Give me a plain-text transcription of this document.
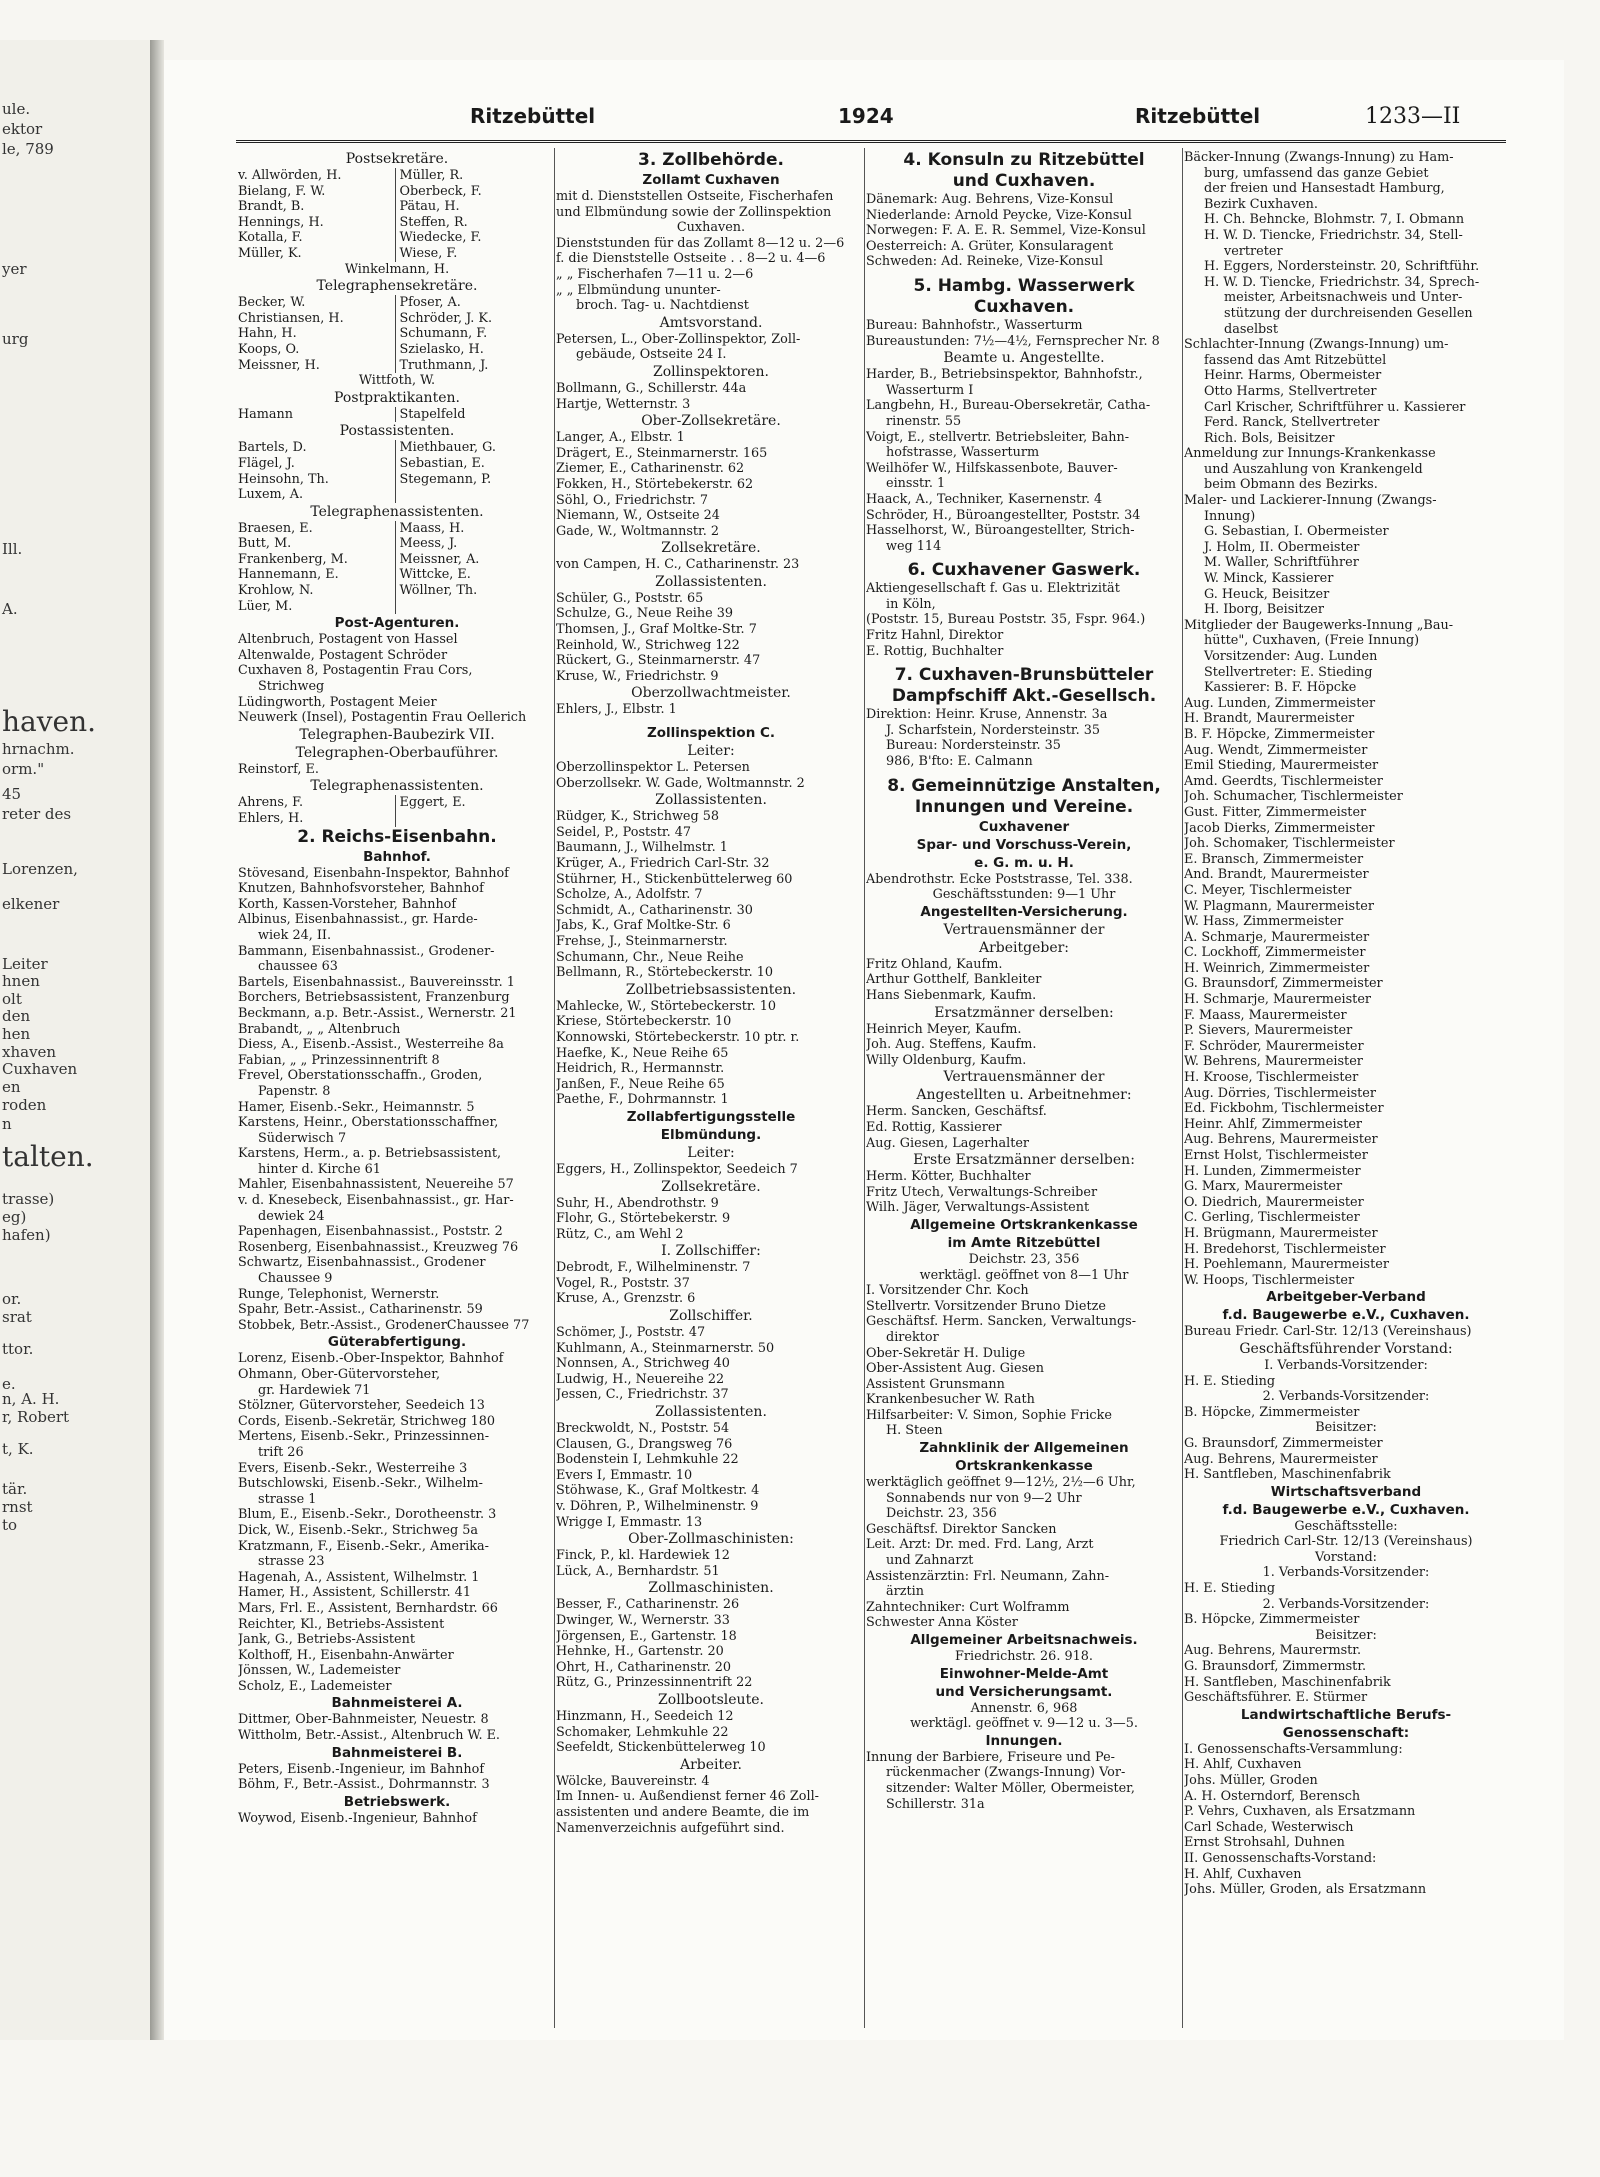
ule.
ektor
le, 789
yer
urg
Ill.
A.
haven.
hrnachm.
orm."
45
reter des
Lorenzen,
elkener
Leiter
hnen
olt
den
hen
xhaven
Cuxhaven
en
roden
n
talten.
trasse)
eg)
hafen)
or.
srat
ttor.
e.
n, A. H.
r, Robert
t, K.
tär.
rnst
to
Ritzebüttel	1924	Ritzebüttel	1233—II
Postsekretäre.
v. Allwörden, H.	Müller, R.
Bielang, F. W.	Oberbeck, F.
Brandt, B.	Pätau, H.
Hennings, H.	Steffen, R.
Kotalla, F.	Wiedecke, F.
Müller, K.	Wiese, F.
Winkelmann, H.
Telegraphensekretäre.
Becker, W.	Pfoser, A.
Christiansen, H.	Schröder, J. K.
Hahn, H.	Schumann, F.
Koops, O.	Szielasko, H.
Meissner, H.	Truthmann, J.
Wittfoth, W.
Postpraktikanten.
Hamann	Stapelfeld
Postassistenten.
Bartels, D.	Miethbauer, G.
Flägel, J.	Sebastian, E.
Heinsohn, Th.	Stegemann, P.
Luxem, A.
Telegraphenassistenten.
Braesen, E.	Maass, H.
Butt, M.	Meess, J.
Frankenberg, M.	Meissner, A.
Hannemann, E.	Wittcke, E.
Krohlow, N.	Wöllner, Th.
Lüer, M.
Post-Agenturen.
Altenbruch, Postagent von Hassel
Altenwalde, Postagent Schröder
Cuxhaven 8, Postagentin Frau Cors,
Strichweg
Lüdingworth, Postagent Meier
Neuwerk (Insel), Postagentin Frau Oellerich
Telegraphen-Baubezirk VII.
Telegraphen-Oberbauführer.
Reinstorf, E.
Telegraphenassistenten.
Ahrens, F.	Eggert, E.
Ehlers, H.
2. Reichs-Eisenbahn.
Bahnhof.
Stövesand, Eisenbahn-Inspektor, Bahnhof
Knutzen, Bahnhofsvorsteher, Bahnhof
Korth, Kassen-Vorsteher, Bahnhof
Albinus, Eisenbahnassist., gr. Harde-
wiek 24, II.
Bammann, Eisenbahnassist., Grodener-
chaussee 63
Bartels, Eisenbahnassist., Bauvereinsstr. 1
Borchers, Betriebsassistent, Franzenburg
Beckmann, a.p. Betr.-Assist., Wernerstr. 21
Brabandt, „ „ Altenbruch
Diess, A., Eisenb.-Assist., Westerreihe 8a
Fabian, „ „ Prinzessinnentrift 8
Frevel, Oberstationsschaffn., Groden,
Papenstr. 8
Hamer, Eisenb.-Sekr., Heimannstr. 5
Karstens, Heinr., Oberstationsschaffner,
Süderwisch 7
Karstens, Herm., a. p. Betriebsassistent,
hinter d. Kirche 61
Mahler, Eisenbahnassistent, Neuereihe 57
v. d. Knesebeck, Eisenbahnassist., gr. Har-
dewiek 24
Papenhagen, Eisenbahnassist., Poststr. 2
Rosenberg, Eisenbahnassist., Kreuzweg 76
Schwartz, Eisenbahnassist., Grodener
Chaussee 9
Runge, Telephonist, Wernerstr.
Spahr, Betr.-Assist., Catharinenstr. 59
Stobbek, Betr.-Assist., GrodenerChaussee 77
Güterabfertigung.
Lorenz, Eisenb.-Ober-Inspektor, Bahnhof
Ohmann, Ober-Gütervorsteher,
gr. Hardewiek 71
Stölzner, Gütervorsteher, Seedeich 13
Cords, Eisenb.-Sekretär, Strichweg 180
Mertens, Eisenb.-Sekr., Prinzessinnen-
trift 26
Evers, Eisenb.-Sekr., Westerreihe 3
Butschlowski, Eisenb.-Sekr., Wilhelm-
strasse 1
Blum, E., Eisenb.-Sekr., Dorotheenstr. 3
Dick, W., Eisenb.-Sekr., Strichweg 5a
Kratzmann, F., Eisenb.-Sekr., Amerika-
strasse 23
Hagenah, A., Assistent, Wilhelmstr. 1
Hamer, H., Assistent, Schillerstr. 41
Mars, Frl. E., Assistent, Bernhardstr. 66
Reichter, Kl., Betriebs-Assistent
Jank, G., Betriebs-Assistent
Kolthoff, H., Eisenbahn-Anwärter
Jönssen, W., Lademeister
Scholz, E., Lademeister
Bahnmeisterei A.
Dittmer, Ober-Bahnmeister, Neuestr. 8
Wittholm, Betr.-Assist., Altenbruch W. E.
Bahnmeisterei B.
Peters, Eisenb.-Ingenieur, im Bahnhof
Böhm, F., Betr.-Assist., Dohrmannstr. 3
Betriebswerk.
Woywod, Eisenb.-Ingenieur, Bahnhof
3. Zollbehörde.
Zollamt Cuxhaven
mit d. Dienststellen Ostseite, Fischerhafen
und Elbmündung sowie der Zollinspektion
Cuxhaven.
Dienststunden für das Zollamt 8—12 u. 2—6
f. die Dienststelle Ostseite . . 8—2 u. 4—6
„ „ Fischerhafen 7—11 u. 2—6
„ „ Elbmündung ununter-
broch. Tag- u. Nachtdienst
Amtsvorstand.
Petersen, L., Ober-Zollinspektor, Zoll-
gebäude, Ostseite 24 I.
Zollinspektoren.
Bollmann, G., Schillerstr. 44a
Hartje, Wetternstr. 3
Ober-Zollsekretäre.
Langer, A., Elbstr. 1
Drägert, E., Steinmarnerstr. 165
Ziemer, E., Catharinenstr. 62
Fokken, H., Störtebekerstr. 62
Söhl, O., Friedrichstr. 7
Niemann, W., Ostseite 24
Gade, W., Woltmannstr. 2
Zollsekretäre.
von Campen, H. C., Catharinenstr. 23
Zollassistenten.
Schüler, G., Poststr. 65
Schulze, G., Neue Reihe 39
Thomsen, J., Graf Moltke-Str. 7
Reinhold, W., Strichweg 122
Rückert, G., Steinmarnerstr. 47
Kruse, W., Friedrichstr. 9
Oberzollwachtmeister.
Ehlers, J., Elbstr. 1
Zollinspektion C.
Leiter:
Oberzollinspektor L. Petersen
Oberzollsekr. W. Gade, Woltmannstr. 2
Zollassistenten.
Rüdger, K., Strichweg 58
Seidel, P., Poststr. 47
Baumann, J., Wilhelmstr. 1
Krüger, A., Friedrich Carl-Str. 32
Stührner, H., Stickenbüttelerweg 60
Scholze, A., Adolfstr. 7
Schmidt, A., Catharinenstr. 30
Jabs, K., Graf Moltke-Str. 6
Frehse, J., Steinmarnerstr.
Schumann, Chr., Neue Reihe
Bellmann, R., Störtebeckerstr. 10
Zollbetriebsassistenten.
Mahlecke, W., Störtebeckerstr. 10
Kriese, Störtebeckerstr. 10
Konnowski, Störtebeckerstr. 10 ptr. r.
Haefke, K., Neue Reihe 65
Heidrich, R., Hermannstr.
Janßen, F., Neue Reihe 65
Paethe, F., Dohrmannstr. 1
Zollabfertigungsstelle
Elbmündung.
Leiter:
Eggers, H., Zollinspektor, Seedeich 7
Zollsekretäre.
Suhr, H., Abendrothstr. 9
Flohr, G., Störtebekerstr. 9
Rütz, C., am Wehl 2
I. Zollschiffer:
Debrodt, F., Wilhelminenstr. 7
Vogel, R., Poststr. 37
Kruse, A., Grenzstr. 6
Zollschiffer.
Schömer, J., Poststr. 47
Kuhlmann, A., Steinmarnerstr. 50
Nonnsen, A., Strichweg 40
Ludwig, H., Neuereihe 22
Jessen, C., Friedrichstr. 37
Zollassistenten.
Breckwoldt, N., Poststr. 54
Clausen, G., Drangsweg 76
Bodenstein I, Lehmkuhle 22
Evers I, Emmastr. 10
Stöhwase, K., Graf Moltkestr. 4
v. Döhren, P., Wilhelminenstr. 9
Wrigge I, Emmastr. 13
Ober-Zollmaschinisten:
Finck, P., kl. Hardewiek 12
Lück, A., Bernhardstr. 51
Zollmaschinisten.
Besser, F., Catharinenstr. 26
Dwinger, W., Wernerstr. 33
Jörgensen, E., Gartenstr. 18
Hehnke, H., Gartenstr. 20
Ohrt, H., Catharinenstr. 20
Rütz, G., Prinzessinnentrift 22
Zollbootsleute.
Hinzmann, H., Seedeich 12
Schomaker, Lehmkuhle 22
Seefeldt, Stickenbüttelerweg 10
Arbeiter.
Wölcke, Bauvereinstr. 4
Im Innen- u. Außendienst ferner 46 Zoll-
assistenten und andere Beamte, die im
Namenverzeichnis aufgeführt sind.
4. Konsuln zu Ritzebüttel
und Cuxhaven.
Dänemark: Aug. Behrens, Vize-Konsul
Niederlande: Arnold Peycke, Vize-Konsul
Norwegen: F. A. E. R. Semmel, Vize-Konsul
Oesterreich: A. Grüter, Konsularagent
Schweden: Ad. Reineke, Vize-Konsul
5. Hambg. Wasserwerk
Cuxhaven.
Bureau: Bahnhofstr., Wasserturm
Bureaustunden: 7½—4½, Fernsprecher Nr. 8
Beamte u. Angestellte.
Harder, B., Betriebsinspektor, Bahnhofstr.,
Wasserturm I
Langbehn, H., Bureau-Obersekretär, Catha-
rinenstr. 55
Voigt, E., stellvertr. Betriebsleiter, Bahn-
hofstrasse, Wasserturm
Weilhöfer W., Hilfskassenbote, Bauver-
einsstr. 1
Haack, A., Techniker, Kasernenstr. 4
Schröder, H., Büroangestellter, Poststr. 34
Hasselhorst, W., Büroangestellter, Strich-
weg 114
6. Cuxhavener Gaswerk.
Aktiengesellschaft f. Gas u. Elektrizität
in Köln,
(Poststr. 15, Bureau Poststr. 35, Fspr. 964.)
Fritz Hahnl, Direktor
E. Rottig, Buchhalter
7. Cuxhaven-Brunsbütteler
Dampfschiff Akt.-Gesellsch.
Direktion: Heinr. Kruse, Annenstr. 3a
J. Scharfstein, Nordersteinstr. 35
Bureau: Nordersteinstr. 35
986, B'fto: E. Calmann
8. Gemeinnützige Anstalten,
Innungen und Vereine.
Cuxhavener
Spar- und Vorschuss-Verein,
e. G. m. u. H.
Abendrothstr. Ecke Poststrasse, Tel. 338.
Geschäftsstunden: 9—1 Uhr
Angestellten-Versicherung.
Vertrauensmänner der
Arbeitgeber:
Fritz Ohland, Kaufm.
Arthur Gotthelf, Bankleiter
Hans Siebenmark, Kaufm.
Ersatzmänner derselben:
Heinrich Meyer, Kaufm.
Joh. Aug. Steffens, Kaufm.
Willy Oldenburg, Kaufm.
Vertrauensmänner der
Angestellten u. Arbeitnehmer:
Herm. Sancken, Geschäftsf.
Ed. Rottig, Kassierer
Aug. Giesen, Lagerhalter
Erste Ersatzmänner derselben:
Herm. Kötter, Buchhalter
Fritz Utech, Verwaltungs-Schreiber
Wilh. Jäger, Verwaltungs-Assistent
Allgemeine Ortskrankenkasse
im Amte Ritzebüttel
Deichstr. 23, 356
werktägl. geöffnet von 8—1 Uhr
I. Vorsitzender Chr. Koch
Stellvertr. Vorsitzender Bruno Dietze
Geschäftsf. Herm. Sancken, Verwaltungs-
direktor
Ober-Sekretär H. Dulige
Ober-Assistent Aug. Giesen
Assistent Grunsmann
Krankenbesucher W. Rath
Hilfsarbeiter: V. Simon, Sophie Fricke
H. Steen
Zahnklinik der Allgemeinen
Ortskrankenkasse
werktäglich geöffnet 9—12½, 2½—6 Uhr,
Sonnabends nur von 9—2 Uhr
Deichstr. 23, 356
Geschäftsf. Direktor Sancken
Leit. Arzt: Dr. med. Frd. Lang, Arzt
und Zahnarzt
Assistenzärztin: Frl. Neumann, Zahn-
ärztin
Zahntechniker: Curt Wolframm
Schwester Anna Köster
Allgemeiner Arbeitsnachweis.
Friedrichstr. 26. 918.
Einwohner-Melde-Amt
und Versicherungsamt.
Annenstr. 6, 968
werktägl. geöffnet v. 9—12 u. 3—5.
Innungen.
Innung der Barbiere, Friseure und Pe-
rückenmacher (Zwangs-Innung) Vor-
sitzender: Walter Möller, Obermeister,
Schillerstr. 31a
Bäcker-Innung (Zwangs-Innung) zu Ham-
burg, umfassend das ganze Gebiet
der freien und Hansestadt Hamburg,
Bezirk Cuxhaven.
H. Ch. Behncke, Blohmstr. 7, I. Obmann
H. W. D. Tiencke, Friedrichstr. 34, Stell-
vertreter
H. Eggers, Nordersteinstr. 20, Schriftführ.
H. W. D. Tiencke, Friedrichstr. 34, Sprech-
meister, Arbeitsnachweis und Unter-
stützung der durchreisenden Gesellen
daselbst
Schlachter-Innung (Zwangs-Innung) um-
fassend das Amt Ritzebüttel
Heinr. Harms, Obermeister
Otto Harms, Stellvertreter
Carl Krischer, Schriftführer u. Kassierer
Ferd. Ranck, Stellvertreter
Rich. Bols, Beisitzer
Anmeldung zur Innungs-Krankenkasse
und Auszahlung von Krankengeld
beim Obmann des Bezirks.
Maler- und Lackierer-Innung (Zwangs-
Innung)
G. Sebastian, I. Obermeister
J. Holm, II. Obermeister
M. Waller, Schriftführer
W. Minck, Kassierer
G. Heuck, Beisitzer
H. Iborg, Beisitzer
Mitglieder der Baugewerks-Innung „Bau-
hütte", Cuxhaven, (Freie Innung)
Vorsitzender: Aug. Lunden
Stellvertreter: E. Stieding
Kassierer: B. F. Höpcke
Aug. Lunden, Zimmermeister
H. Brandt, Maurermeister
B. F. Höpcke, Zimmermeister
Aug. Wendt, Zimmermeister
Emil Stieding, Maurermeister
Amd. Geerdts, Tischlermeister
Joh. Schumacher, Tischlermeister
Gust. Fitter, Zimmermeister
Jacob Dierks, Zimmermeister
Joh. Schomaker, Tischlermeister
E. Bransch, Zimmermeister
And. Brandt, Maurermeister
C. Meyer, Tischlermeister
W. Plagmann, Maurermeister
W. Hass, Zimmermeister
A. Schmarje, Maurermeister
C. Lockhoff, Zimmermeister
H. Weinrich, Zimmermeister
G. Braunsdorf, Zimmermeister
H. Schmarje, Maurermeister
F. Maass, Maurermeister
P. Sievers, Maurermeister
F. Schröder, Maurermeister
W. Behrens, Maurermeister
H. Kroose, Tischlermeister
Aug. Dörries, Tischlermeister
Ed. Fickbohm, Tischlermeister
Heinr. Ahlf, Zimmermeister
Aug. Behrens, Maurermeister
Ernst Holst, Tischlermeister
H. Lunden, Zimmermeister
G. Marx, Maurermeister
O. Diedrich, Maurermeister
C. Gerling, Tischlermeister
H. Brügmann, Maurermeister
H. Bredehorst, Tischlermeister
H. Poehlemann, Maurermeister
W. Hoops, Tischlermeister
Arbeitgeber-Verband
f.d. Baugewerbe e.V., Cuxhaven.
Bureau Friedr. Carl-Str. 12/13 (Vereinshaus)
Geschäftsführender Vorstand:
I. Verbands-Vorsitzender:
H. E. Stieding
2. Verbands-Vorsitzender:
B. Höpcke, Zimmermeister
Beisitzer:
G. Braunsdorf, Zimmermeister
Aug. Behrens, Maurermeister
H. Santfleben, Maschinenfabrik
Wirtschaftsverband
f.d. Baugewerbe e.V., Cuxhaven.
Geschäftsstelle:
Friedrich Carl-Str. 12/13 (Vereinshaus)
Vorstand:
1. Verbands-Vorsitzender:
H. E. Stieding
2. Verbands-Vorsitzender:
B. Höpcke, Zimmermeister
Beisitzer:
Aug. Behrens, Maurermstr.
G. Braunsdorf, Zimmermstr.
H. Santfleben, Maschinenfabrik
Geschäftsführer. E. Stürmer
Landwirtschaftliche Berufs-
Genossenschaft:
I. Genossenschafts-Versammlung:
H. Ahlf, Cuxhaven
Johs. Müller, Groden
A. H. Osterndorf, Berensch
P. Vehrs, Cuxhaven, als Ersatzmann
Carl Schade, Westerwisch
Ernst Strohsahl, Duhnen
II. Genossenschafts-Vorstand:
H. Ahlf, Cuxhaven
Johs. Müller, Groden, als Ersatzmann
